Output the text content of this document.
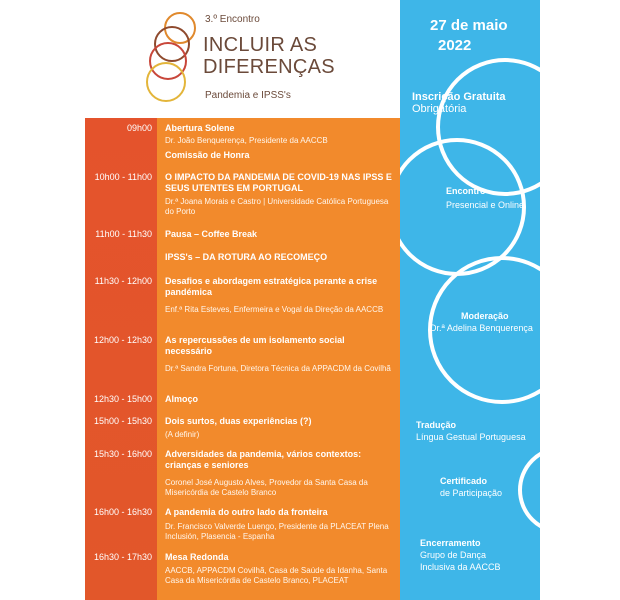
3.º Encontro
INCLUIR AS
DIFERENÇAS
Pandemia e IPSS's
27 de maio
2022
Inscrição Gratuita
Obrigatória
Encontro
Presencial e Online
Moderação
Dr.ª Adelina Benquerença
Tradução
Língua Gestual Portuguesa
Certificado
de Participação
Encerramento
Grupo de Dança
Inclusiva da AACCB
09h00 Abertura Solene
Dr. João Benquerença, Presidente da AACCB
Comissão de Honra
10h00 - 11h00 O IMPACTO DA PANDEMIA DE COVID-19 NAS IPSS E SEUS UTENTES EM PORTUGAL
Dr.ª Joana Morais e Castro | Universidade Católica Portuguesa do Porto
11h00 - 11h30 Pausa – Coffee Break
IPSS's – DA ROTURA AO RECOMEÇO
11h30 - 12h00 Desafios e abordagem estratégica perante a crise pandémica
Enf.ª Rita Esteves, Enfermeira e Vogal da Direção da AACCB
12h00 - 12h30 As repercussões de um isolamento social necessário
Dr.ª Sandra Fortuna, Diretora Técnica da APPACDM da Covilhã
12h30 - 15h00 Almoço
15h00 - 15h30 Dois surtos, duas experiências (?)
(A definir)
15h30 - 16h00 Adversidades da pandemia, vários contextos: crianças e seniores
Coronel José Augusto Alves, Provedor da Santa Casa da Misericórdia de Castelo Branco
16h00 - 16h30 A pandemia do outro lado da fronteira
Dr. Francisco Valverde Luengo, Presidente da PLACEAT Plena Inclusión, Plasencia - Espanha
16h30 - 17h30 Mesa Redonda
AACCB, APPACDM Covilhã, Casa de Saúde da Idanha, Santa Casa da Misericórdia de Castelo Branco, PLACEAT
